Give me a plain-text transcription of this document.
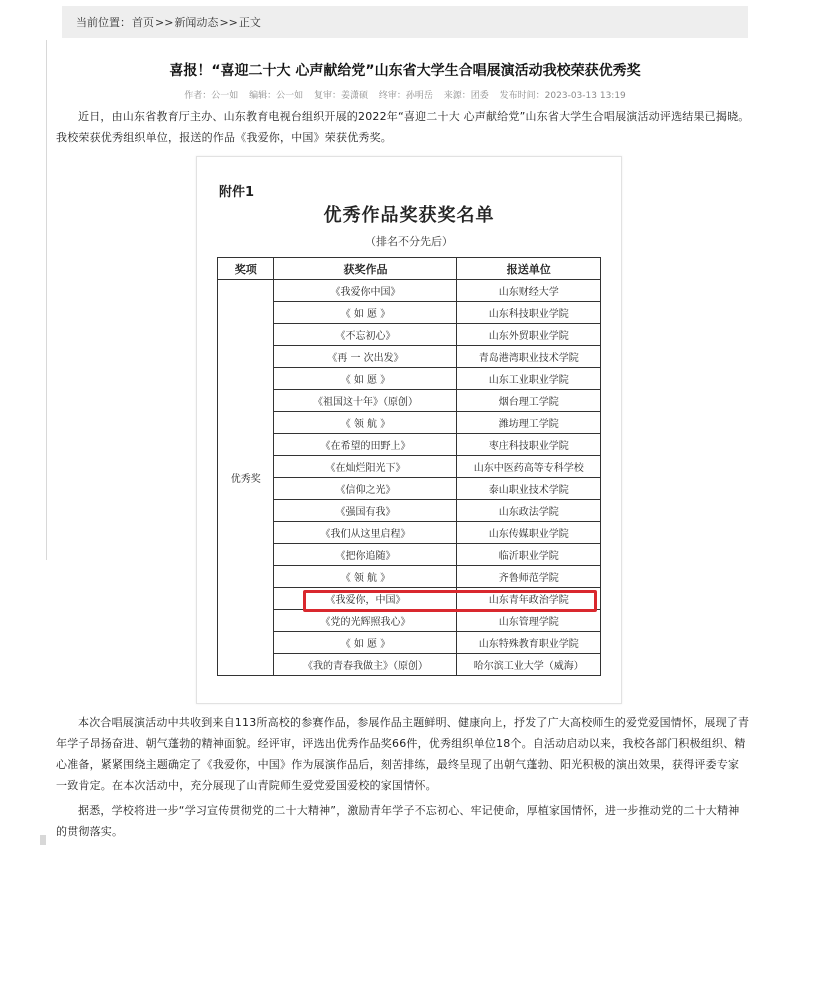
当前位置： 首页 >> 新闻动态 >> 正文
喜报！“喜迎二十大 心声献给党”山东省大学生合唱展演活动我校荣获优秀奖
作者：公一如 编辑：公一如 复审：姜潇硕 终审：孙明岳 来源：团委 发布时间：2023-03-13 13:19
近日，由山东省教育厅主办、山东教育电视台组织开展的2022年“喜迎二十大 心声献给党”山东省大学生合唱展演活动评选结果已揭晓。我校荣获优秀组织单位，报送的作品《我爱你，中国》荣获优秀奖。
附件1
优秀作品奖获奖名单
（排名不分先后）
奖项	获奖作品	报送单位
优秀奖	《我爱你中国》	山东财经大学
	《 如 愿 》	山东科技职业学院
	《不忘初心》	山东外贸职业学院
	《再 一 次出发》	青岛港湾职业技术学院
	《 如 愿 》	山东工业职业学院
	《祖国这十年》（原创）	烟台理工学院
	《 领 航 》	潍坊理工学院
	《在希望的田野上》	枣庄科技职业学院
	《在灿烂阳光下》	山东中医药高等专科学校
	《信仰之光》	泰山职业技术学院
	《强国有我》	山东政法学院
	《我们从这里启程》	山东传媒职业学院
	《把你追随》	临沂职业学院
	《 领 航 》	齐鲁师范学院
	《我爱你，中国》	山东青年政治学院
	《党的光辉照我心》	山东管理学院
	《 如 愿 》	山东特殊教育职业学院
	《我的青春我做主》（原创）	哈尔滨工业大学（威海）
本次合唱展演活动中共收到来自113所高校的参赛作品，参展作品主题鲜明、健康向上，抒发了广大高校师生的爱党爱国情怀，展现了青年学子昂扬奋进、朝气蓬勃的精神面貌。经评审，评选出优秀作品奖66件，优秀组织单位18个。自活动启动以来，我校各部门积极组织、精心准备，紧紧围绕主题确定了《我爱你，中国》作为展演作品后，刻苦排练，最终呈现了出朝气蓬勃、阳光积极的演出效果，获得评委专家一致肯定。在本次活动中，充分展现了山青院师生爱党爱国爱校的家国情怀。
据悉，学校将进一步“学习宣传贯彻党的二十大精神”，激励青年学子不忘初心、牢记使命，厚植家国情怀，进一步推动党的二十大精神的贯彻落实。
